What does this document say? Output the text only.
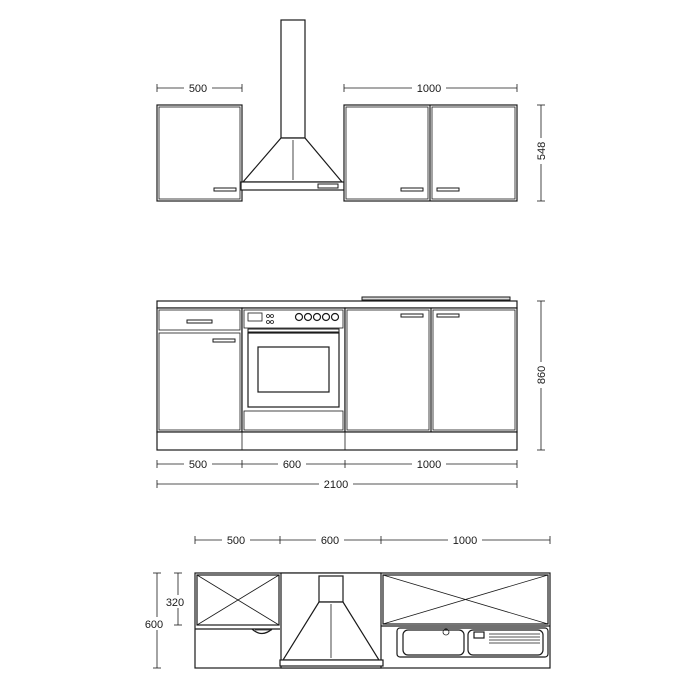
500	1000
548
860
500	600	1000
2100
500	600	1000
600
320
